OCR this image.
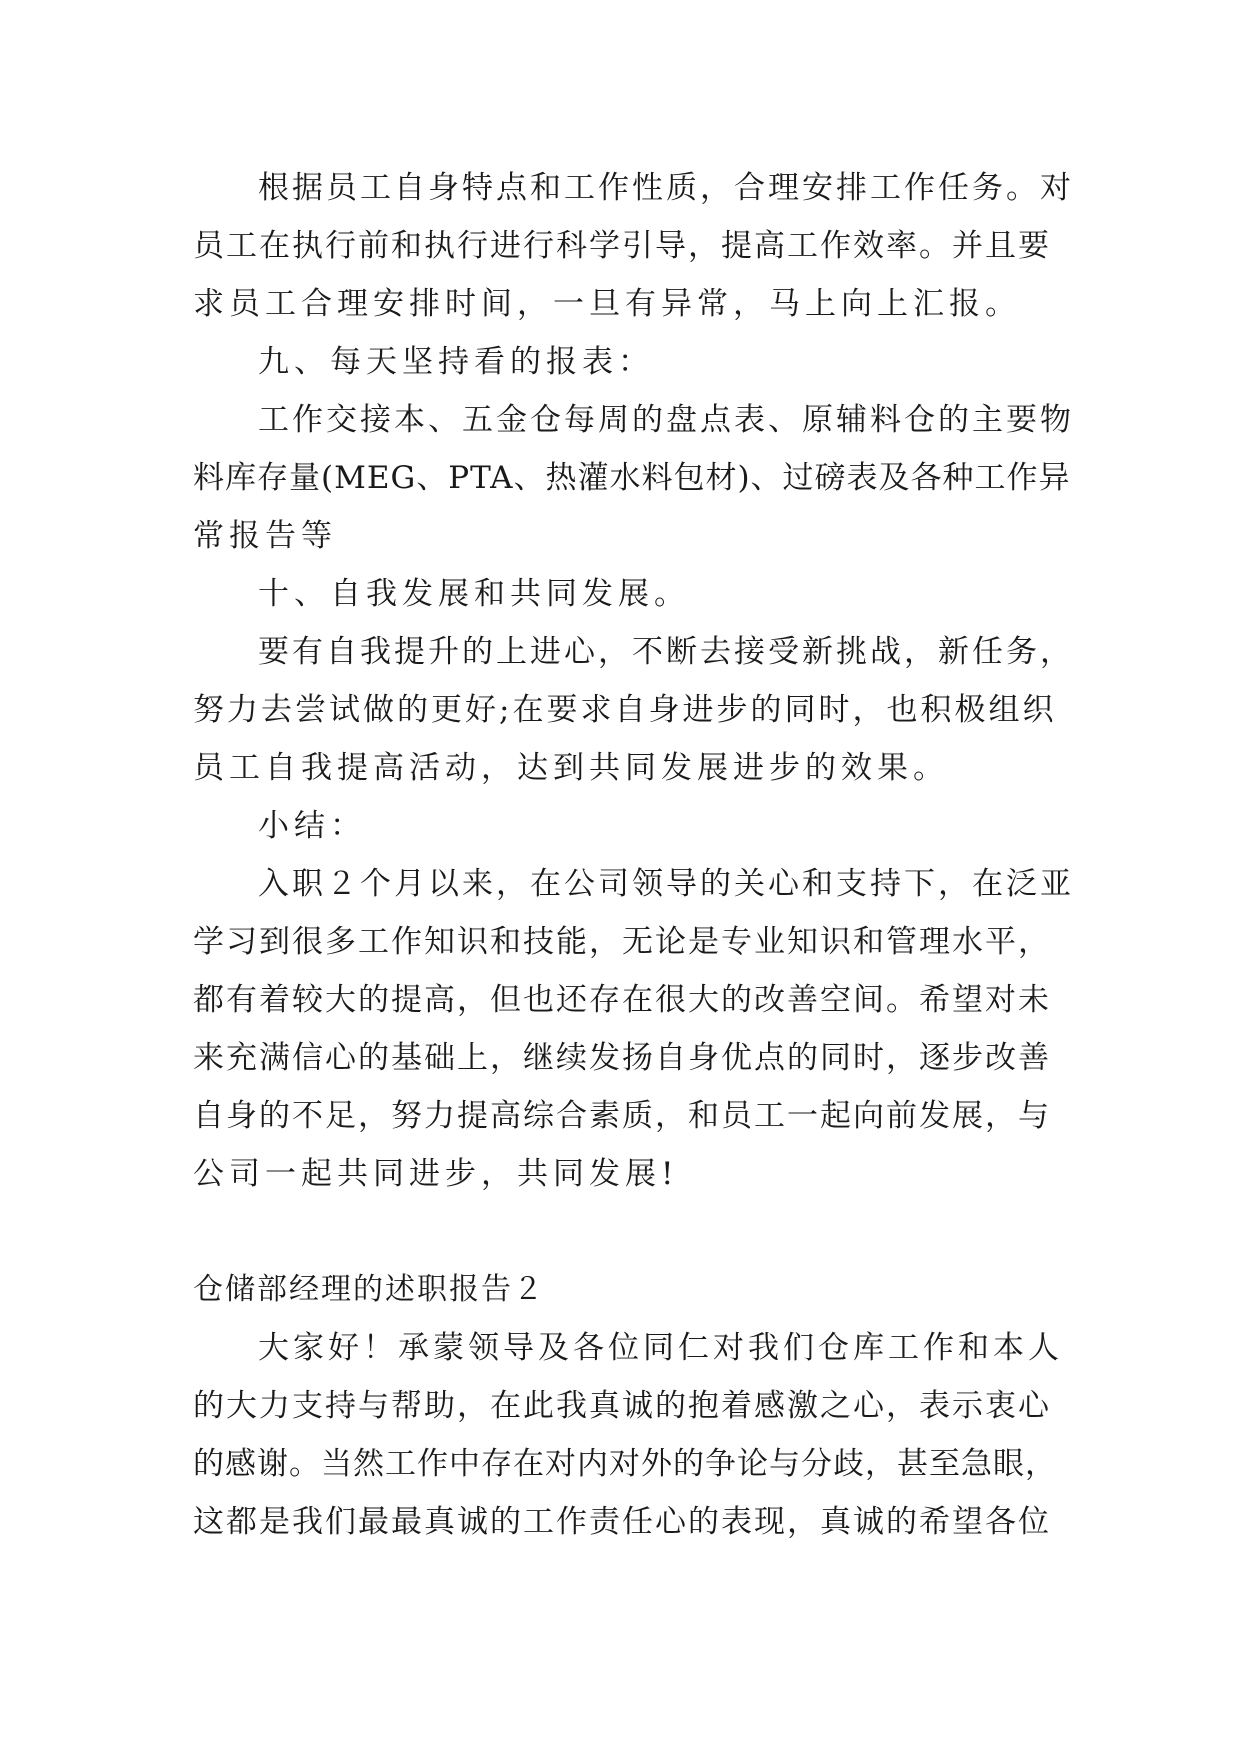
根据员工自身特点和工作性质，合理安排工作任务。对
员工在执行前和执行进行科学引导，提高工作效率。并且要
求员工合理安排时间，一旦有异常，马上向上汇报。
九、每天坚持看的报表：
工作交接本、五金仓每周的盘点表、原辅料仓的主要物
料库存量(MEG、PTA、热灌水料包材)、过磅表及各种工作异
常报告等
十、自我发展和共同发展。
要有自我提升的上进心，不断去接受新挑战，新任务，
努力去尝试做的更好;在要求自身进步的同时，也积极组织
员工自我提高活动，达到共同发展进步的效果。
小结：
入职２个月以来，在公司领导的关心和支持下，在泛亚
学习到很多工作知识和技能，无论是专业知识和管理水平，
都有着较大的提高，但也还存在很大的改善空间。希望对未
来充满信心的基础上，继续发扬自身优点的同时，逐步改善
自身的不足，努力提高综合素质，和员工一起向前发展，与
公司一起共同进步，共同发展!
仓储部经理的述职报告２
大家好！承蒙领导及各位同仁对我们仓库工作和本人
的大力支持与帮助，在此我真诚的抱着感激之心，表示衷心
的感谢。当然工作中存在对内对外的争论与分歧，甚至急眼，
这都是我们最最真诚的工作责任心的表现，真诚的希望各位
